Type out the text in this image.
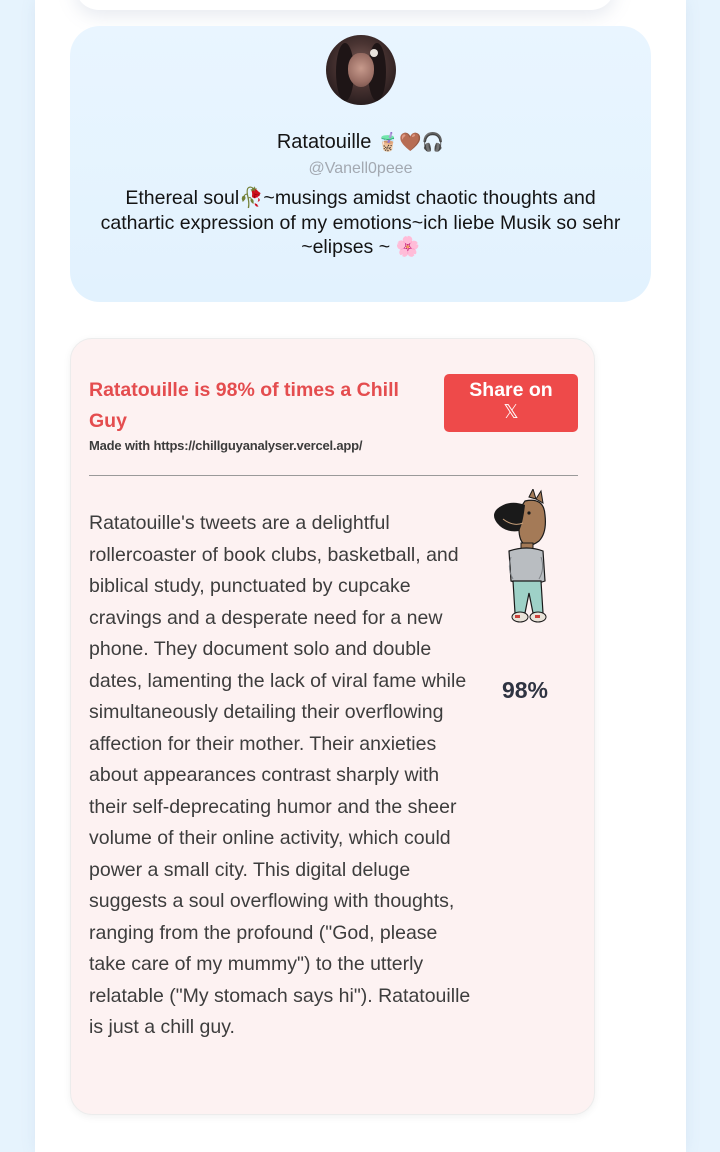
Ratatouille 🧋🤎🎧
@Vanell0peee
Ethereal soul🥀~musings amidst chaotic thoughts and cathartic expression of my emotions~ich liebe Musik so sehr ~elipses ~ 🌸
Ratatouille is 98% of times a Chill Guy
Made with https://chillguyanalyser.vercel.app/
Share on
𝕏
Ratatouille's tweets are a delightful rollercoaster of book clubs, basketball, and biblical study, punctuated by cupcake cravings and a desperate need for a new phone. They document solo and double dates, lamenting the lack of viral fame while simultaneously detailing their overflowing affection for their mother. Their anxieties about appearances contrast sharply with their self-deprecating humor and the sheer volume of their online activity, which could power a small city. This digital deluge suggests a soul overflowing with thoughts, ranging from the profound ("God, please take care of my mummy") to the utterly relatable ("My stomach says hi"). Ratatouille is just a chill guy.
98%
